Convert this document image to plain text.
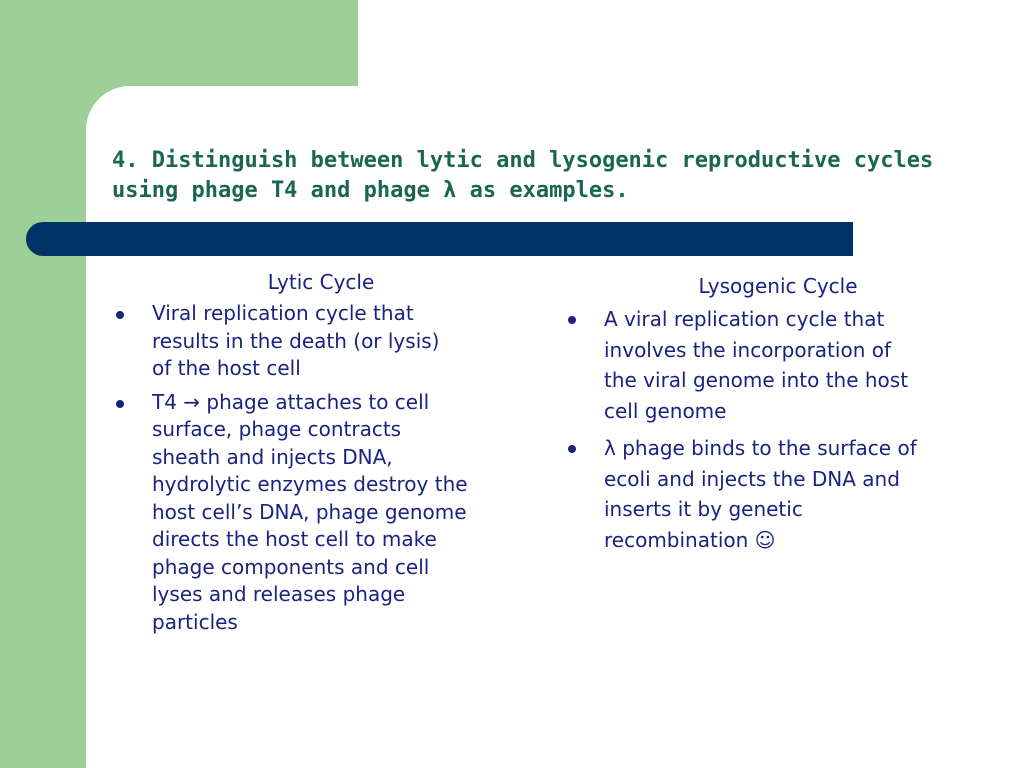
4. Distinguish between lytic and lysogenic reproductive cycles
using phage T4 and phage λ as examples.
Lytic Cycle
Viral replication cycle that
results in the death (or lysis)
of the host cell
T4 → phage attaches to cell
surface, phage contracts
sheath and injects DNA,
hydrolytic enzymes destroy the
host cell’s DNA, phage genome
directs the host cell to make
phage components and cell
lyses and releases phage
particles
Lysogenic Cycle
A viral replication cycle that
involves the incorporation of
the viral genome into the host
cell genome
λ phage binds to the surface of
ecoli and injects the DNA and
inserts it by genetic
recombination ☺
